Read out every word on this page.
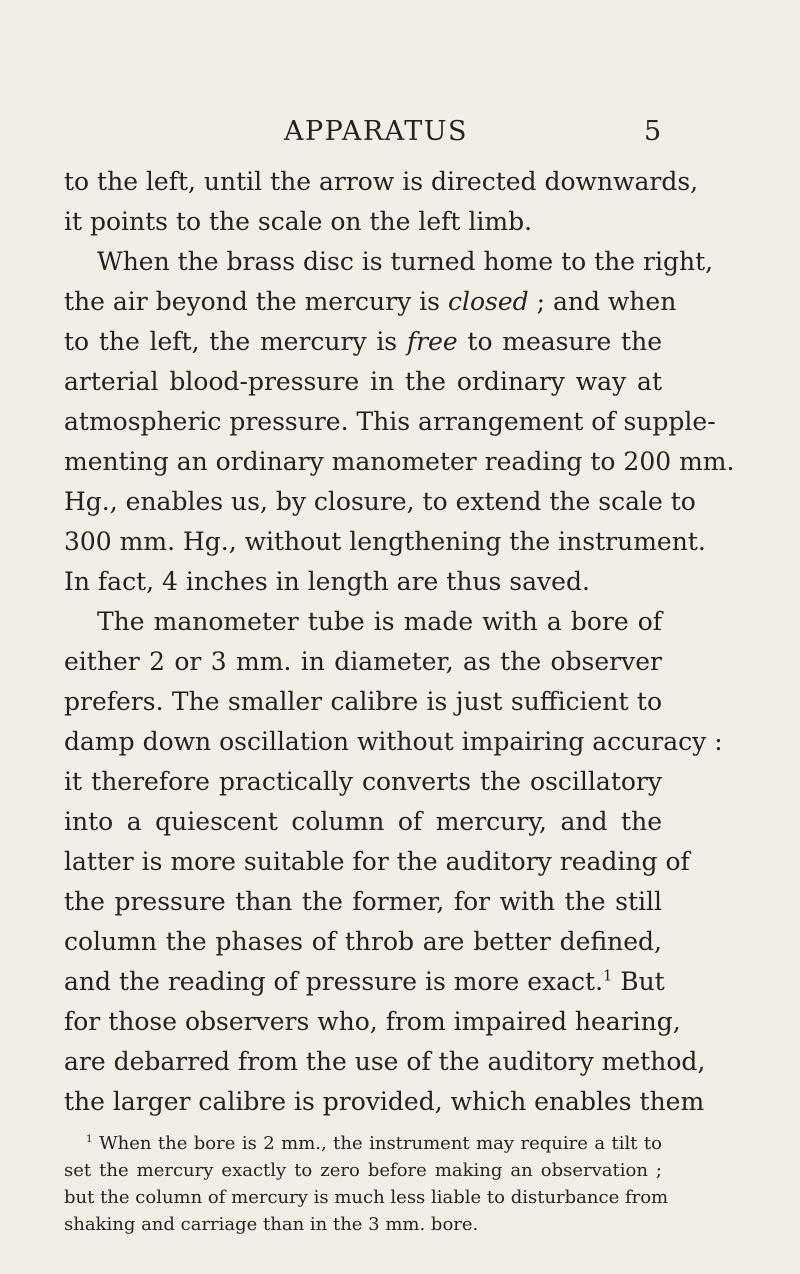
APPARATUS	5
to the left, until the arrow is directed downwards,
it points to the scale on the left limb.
When the brass disc is turned home to the right,
the air beyond the mercury is closed ; and when
to the left, the mercury is free to measure the
arterial blood-pressure in the ordinary way at
atmospheric pressure. This arrangement of supple-
menting an ordinary manometer reading to 200 mm.
Hg., enables us, by closure, to extend the scale to
300 mm. Hg., without lengthening the instrument.
In fact, 4 inches in length are thus saved.
The manometer tube is made with a bore of
either 2 or 3 mm. in diameter, as the observer
prefers. The smaller calibre is just sufficient to
damp down oscillation without impairing accuracy :
it therefore practically converts the oscillatory
into a quiescent column of mercury, and the
latter is more suitable for the auditory reading of
the pressure than the former, for with the still
column the phases of throb are better defined,
and the reading of pressure is more exact.$^1$ But
for those observers who, from impaired hearing,
are debarred from the use of the auditory method,
the larger calibre is provided, which enables them
$^1$ When the bore is 2 mm., the instrument may require a tilt to
set the mercury exactly to zero before making an observation ;
but the column of mercury is much less liable to disturbance from
shaking and carriage than in the 3 mm. bore.
